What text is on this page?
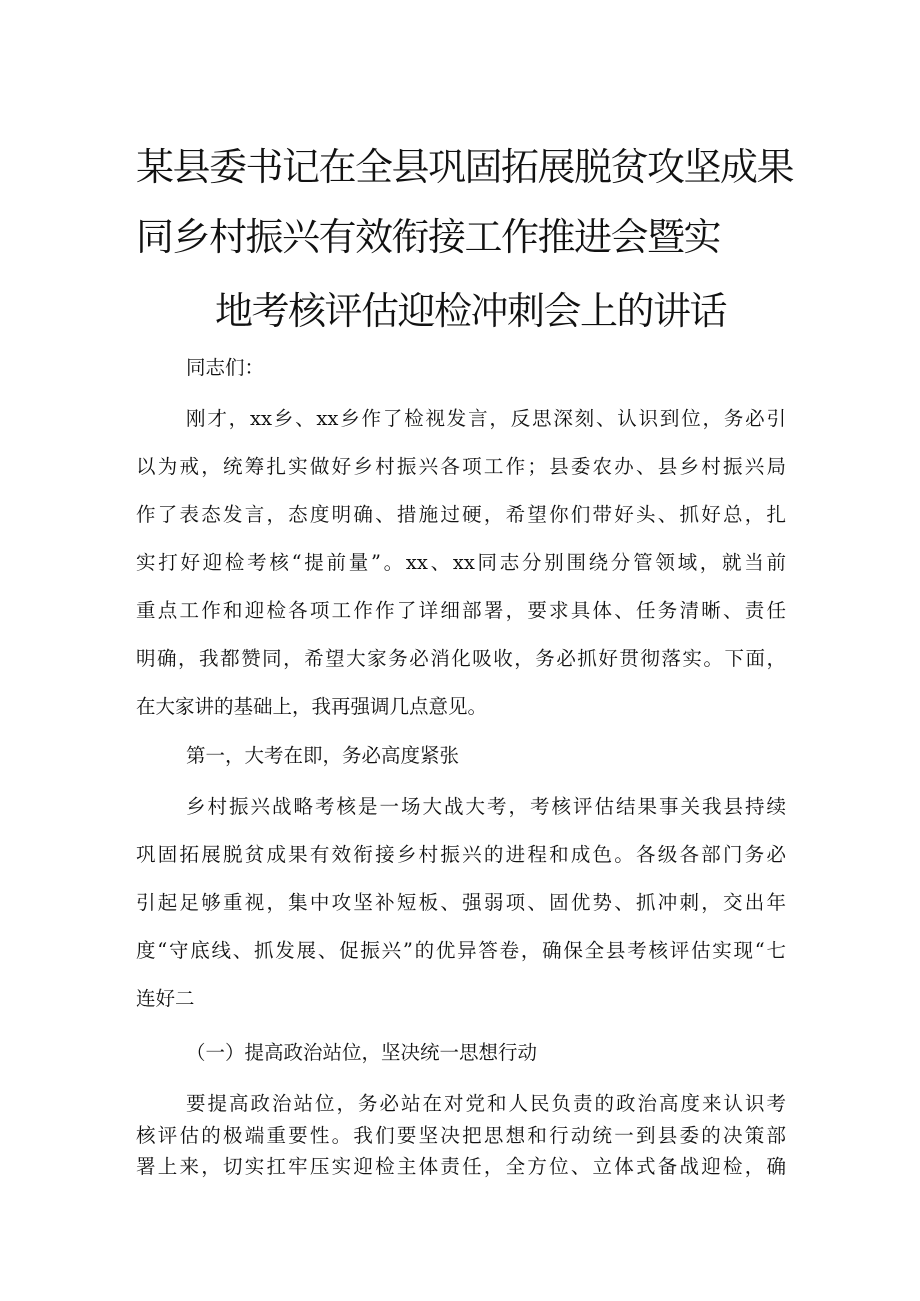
某县委书记在全县巩固拓展脱贫攻坚成果
同乡村振兴有效衔接工作推进会暨实
地考核评估迎检冲刺会上的讲话
同志们：
刚才，xx乡、xx乡作了检视发言，反思深刻、认识到位，务必引
以为戒，统筹扎实做好乡村振兴各项工作；县委农办、县乡村振兴局
作了表态发言，态度明确、措施过硬，希望你们带好头、抓好总，扎
实打好迎检考核“提前量”。xx、xx同志分别围绕分管领域，就当前
重点工作和迎检各项工作作了详细部署，要求具体、任务清晰、责任
明确，我都赞同，希望大家务必消化吸收，务必抓好贯彻落实。下面，
在大家讲的基础上，我再强调几点意见。
第一，大考在即，务必高度紧张
乡村振兴战略考核是一场大战大考，考核评估结果事关我县持续
巩固拓展脱贫成果有效衔接乡村振兴的进程和成色。各级各部门务必
引起足够重视，集中攻坚补短板、强弱项、固优势、抓冲刺，交出年
度“守底线、抓发展、促振兴”的优异答卷，确保全县考核评估实现“七
连好二
（一）提高政治站位，坚决统一思想行动
要提高政治站位，务必站在对党和人民负责的政治高度来认识考
核评估的极端重要性。我们要坚决把思想和行动统一到县委的决策部
署上来，切实扛牢压实迎检主体责任，全方位、立体式备战迎检，确
